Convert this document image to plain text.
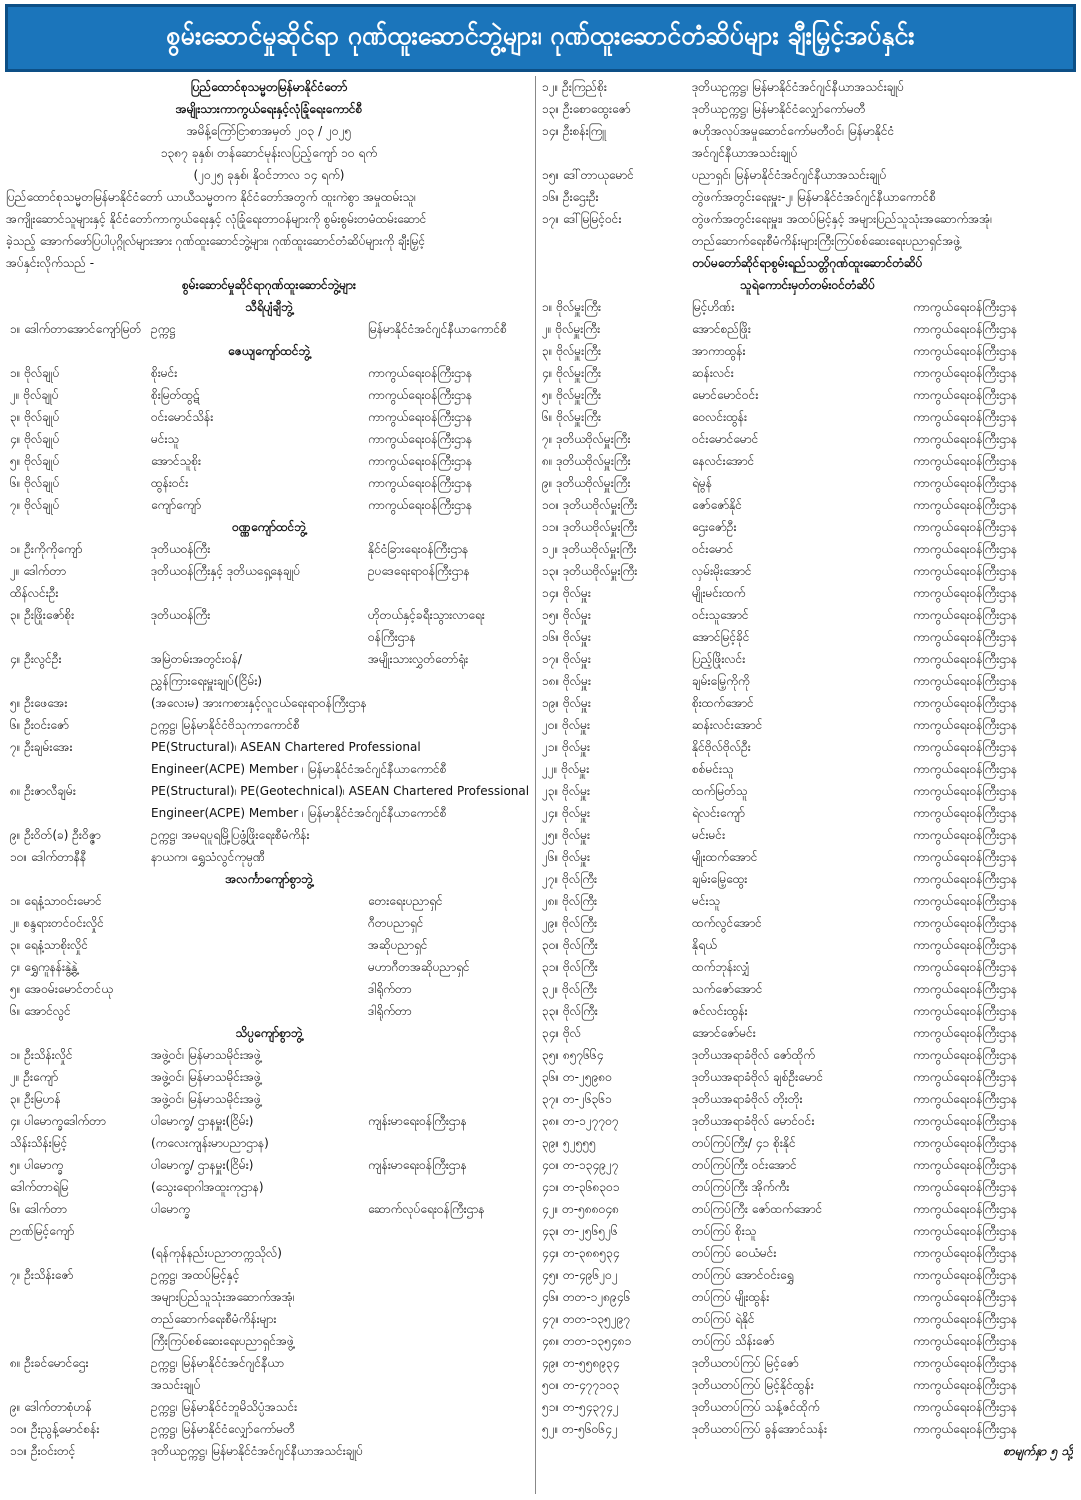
စွမ်းဆောင်မှုဆိုင်ရာ ဂုဏ်ထူးဆောင်ဘွဲ့များ၊ ဂုဏ်ထူးဆောင်တံဆိပ်များ ချီးမြှင့်အပ်နှင်း
ပြည်ထောင်စုသမ္မတမြန်မာနိုင်ငံတော်
အမျိုးသားကာကွယ်ရေးနှင့်လုံခြုံရေးကောင်စီ
အမိန့်ကြော်ငြာစာအမှတ် ၂၀၃ / ၂၀၂၅
၁၃၈၇ ခုနှစ်၊ တန်ဆောင်မုန်းလပြည့်ကျော် ၁၀ ရက်
(၂၀၂၅ ခုနှစ်၊ နိုဝင်ဘာလ ၁၄ ရက်)
ပြည်ထောင်စုသမ္မတမြန်မာနိုင်ငံတော် ယာယီသမ္မတက နိုင်ငံတော်အတွက် ထူးကဲစွာ အမှုထမ်းသူ၊
အကျိုးဆောင်သူများနှင့် နိုင်ငံတော်ကာကွယ်ရေးနှင့် လုံခြုံရေးတာဝန်များကို စွမ်းစွမ်းတမံထမ်းဆောင်
ခဲ့သည့် အောက်ဖော်ပြပါပုဂ္ဂိုလ်များအား ဂုဏ်ထူးဆောင်ဘွဲ့များ၊ ဂုဏ်ထူးဆောင်တံဆိပ်များကို ချီးမြှင့်
အပ်နှင်းလိုက်သည် -
စွမ်းဆောင်မှုဆိုင်ရာဂုဏ်ထူးဆောင်ဘွဲ့များ
သီရိပျံချီဘွဲ့
၁။ ဒေါက်တာအောင်ကျော်မြတ် ဥက္ကဋ္ဌ	မြန်မာနိုင်ငံအင်ဂျင်နီယာကောင်စီ
ဇေယျကျော်ထင်ဘွဲ့
၁။ ဗိုလ်ချုပ်	စိုးမင်း	ကာကွယ်ရေးဝန်ကြီးဌာန
၂။ ဗိုလ်ချုပ်	စိုးမြတ်ထွဋ်	ကာကွယ်ရေးဝန်ကြီးဌာန
၃။ ဗိုလ်ချုပ်	ဝင်းမောင်သိန်း	ကာကွယ်ရေးဝန်ကြီးဌာန
၄။ ဗိုလ်ချုပ်	မင်းသူ	ကာကွယ်ရေးဝန်ကြီးဌာန
၅။ ဗိုလ်ချုပ်	အောင်သူစိုး	ကာကွယ်ရေးဝန်ကြီးဌာန
၆။ ဗိုလ်ချုပ်	ထွန်းဝင်း	ကာကွယ်ရေးဝန်ကြီးဌာန
၇။ ဗိုလ်ချုပ်	ကျော်ကျော်	ကာကွယ်ရေးဝန်ကြီးဌာန
ဝဏ္ဏကျော်ထင်ဘွဲ့
၁။ ဦးကိုကိုကျော်	ဒုတိယဝန်ကြီး	နိုင်ငံခြားရေးဝန်ကြီးဌာန
၂။ ဒေါက်တာ	ဒုတိယဝန်ကြီးနှင့် ဒုတိယရှေ့နေချုပ်	ဥပဒေရေးရာဝန်ကြီးဌာန
ထိန်လင်းဦး
၃။ ဦးဖြိုးဇော်စိုး	ဒုတိယဝန်ကြီး	ဟိုတယ်နှင့်ခရီးသွားလာရေး
ဝန်ကြီးဌာန
၄။ ဦးလွင်ဦး	အမြဲတမ်းအတွင်းဝန်/	အမျိုးသားလွှတ်တော်ရုံး
ညွှန်ကြားရေးမှူးချုပ်(ငြိမ်း)
၅။ ဦးဖေအေး	(အလေးမ) အားကစားနှင့်လူငယ်ရေးရာဝန်ကြီးဌာန
၆။ ဦးဝင်းဇော်	ဥက္ကဋ္ဌ၊ မြန်မာနိုင်ငံဗိသုကာကောင်စီ
၇။ ဦးချမ်းအေး	PE(Structural)၊ ASEAN Chartered Professional
Engineer(ACPE) Member ၊ မြန်မာနိုင်ငံအင်ဂျင်နီယာကောင်စီ
၈။ ဦးဇာလီချမ်း	PE(Structural)၊ PE(Geotechnical)၊ ASEAN Chartered Professional
Engineer(ACPE) Member ၊ မြန်မာနိုင်ငံအင်ဂျင်နီယာကောင်စီ
၉။ ဦးဝိတ်(ခ) ဦးဝိဇ္ဇာ	ဥက္ကဋ္ဌ၊ အမရပူရမြို့ပြဖွံ့ဖြိုးရေးစီမံကိန်း
၁၀။ ဒေါက်တာနီနီ	နာယက၊ ရွှေသံလွင်ကုမ္ပဏီ
အလင်္ကာကျော်စွာဘွဲ့
၁။ ရေနံ့သာဝင်းမောင်	တေးရေးပညာရှင်
၂။ စန္ဒရားတင်ဝင်းလှိုင်	ဂီတပညာရှင်
၃။ ရေနံ့သာစိုးလှိုင်	အဆိုပညာရှင်
၄။ ရွှေကူနန်းနွဲ့နွဲ့	မဟာဂီတအဆိုပညာရှင်
၅။ အေဝမ်းမောင်တင်ယု	ဒါရိုက်တာ
၆။ အောင်လွင်	ဒါရိုက်တာ
သိပ္ပကျော်စွာဘွဲ့
၁။ ဦးသိန်းလှိုင်	အဖွဲ့ဝင်၊ မြန်မာသမိုင်းအဖွဲ့
၂။ ဦးကျော်	အဖွဲ့ဝင်၊ မြန်မာသမိုင်းအဖွဲ့
၃။ ဦးမြဟန်	အဖွဲ့ဝင်၊ မြန်မာသမိုင်းအဖွဲ့
၄။ ပါမောက္ခဒေါက်တာ	ပါမောက္ခ/ ဌာနမှူး(ငြိမ်း)	ကျန်းမာရေးဝန်ကြီးဌာန
သိန်းသိန်းမြင့်	(ကလေးကျန်းမာပညာဌာန)
၅။ ပါမောက္ခ	ပါမောက္ခ/ ဌာနမှူး(ငြိမ်း)	ကျန်းမာရေးဝန်ကြီးဌာန
ဒေါက်တာရဲမြ	(သွေးရောဂါအထူးကုဌာန)
၆။ ဒေါက်တာ	ပါမောက္ခ	ဆောက်လုပ်ရေးဝန်ကြီးဌာန
ဉာဏ်မြင့်ကျော်
(ရန်ကုန်နည်းပညာတက္ကသိုလ်)
၇။ ဦးသိန်းဇော်	ဥက္ကဋ္ဌ၊ အထပ်မြင့်နှင့်
အများပြည်သူသုံးအဆောက်အအုံ၊
တည်ဆောက်ရေးစီမံကိန်းများ
ကြီးကြပ်စစ်ဆေးရေးပညာရှင်အဖွဲ့
၈။ ဦးခင်မောင်ဌေး	ဥက္ကဋ္ဌ၊ မြန်မာနိုင်ငံအင်ဂျင်နီယာ
အသင်းချုပ်
၉။ ဒေါက်တာစုံဟန်	ဥက္ကဋ္ဌ၊ မြန်မာနိုင်ငံဘူမိသိပ္ပံအသင်း
၁၀။ ဦးညွန့်မောင်စန်း	ဥက္ကဋ္ဌ၊ မြန်မာနိုင်ငံလျှော်ကော်မတီ
၁၁။ ဦးဝင်းတင့်	ဒုတိယဥက္ကဋ္ဌ၊ မြန်မာနိုင်ငံအင်ဂျင်နီယာအသင်းချုပ်
၁၂။ ဦးကြည်စိုး	ဒုတိယဥက္ကဋ္ဌ၊ မြန်မာနိုင်ငံအင်ဂျင်နီယာအသင်းချုပ်
၁၃။ ဦးစောထွေးဇော်	ဒုတိယဥက္ကဋ္ဌ၊ မြန်မာနိုင်ငံလျှော်ကော်မတီ
၁၄။ ဦးစန်းကြူ	ဇဟိုအလုပ်အမှုဆောင်ကော်မတီဝင်၊ မြန်မာနိုင်ငံ
အင်ဂျင်နီယာအသင်းချုပ်
၁၅။ ဒေါ်တာယုမောင်	ပညာရှင်၊ မြန်မာနိုင်ငံအင်ဂျင်နီယာအသင်းချုပ်
၁၆။ ဦးဌေးဦး	တွဲဖက်အတွင်းရေးမှူး-၂၊ မြန်မာနိုင်ငံအင်ဂျင်နီယာကောင်စီ
၁၇။ ဒေါ်မြမြင့်ဝင်း	တွဲဖက်အတွင်းရေးမှူး၊ အထပ်မြင့်နှင့် အများပြည်သူသုံးအဆောက်အအုံ၊
တည်ဆောက်ရေးစီမံကိန်းများကြီးကြပ်စစ်ဆေးရေးပညာရှင်အဖွဲ့
တပ်မတော်ဆိုင်ရာစွမ်းရည်သတ္တိဂုဏ်ထူးဆောင်တံဆိပ်
သူရဲကောင်းမှတ်တမ်းဝင်တံဆိပ်
၁။ ဗိုလ်မှူးကြီး	မြင့်ဟိဏ်း	ကာကွယ်ရေးဝန်ကြီးဌာန
၂။ ဗိုလ်မှူးကြီး	အောင်စည်ဖြိုး	ကာကွယ်ရေးဝန်ကြီးဌာန
၃။ ဗိုလ်မှူးကြီး	အာကာထွန်း	ကာကွယ်ရေးဝန်ကြီးဌာန
၄။ ဗိုလ်မှူးကြီး	ဆန်းလင်း	ကာကွယ်ရေးဝန်ကြီးဌာန
၅။ ဗိုလ်မှူးကြီး	မောင်မောင်ဝင်း	ကာကွယ်ရေးဝန်ကြီးဌာန
၆။ ဗိုလ်မှူးကြီး	ဝေလင်းထွန်း	ကာကွယ်ရေးဝန်ကြီးဌာန
၇။ ဒုတိယဗိုလ်မှူးကြီး	ဝင်းမောင်မောင်	ကာကွယ်ရေးဝန်ကြီးဌာန
၈။ ဒုတိယဗိုလ်မှူးကြီး	နေလင်းအောင်	ကာကွယ်ရေးဝန်ကြီးဌာန
၉။ ဒုတိယဗိုလ်မှူးကြီး	ရဲမွန်	ကာကွယ်ရေးဝန်ကြီးဌာန
၁၀။ ဒုတိယဗိုလ်မှူးကြီး	ဇော်ဇော်နိုင်	ကာကွယ်ရေးဝန်ကြီးဌာန
၁၁။ ဒုတိယဗိုလ်မှူးကြီး	ဌေးဇော်ဦး	ကာကွယ်ရေးဝန်ကြီးဌာန
၁၂။ ဒုတိယဗိုလ်မှူးကြီး	ဝင်းမောင်	ကာကွယ်ရေးဝန်ကြီးဌာန
၁၃။ ဒုတိယဗိုလ်မှူးကြီး	လှမ်းမိုးအောင်	ကာကွယ်ရေးဝန်ကြီးဌာန
၁၄။ ဗိုလ်မှူး	မျိုးမင်းထက်	ကာကွယ်ရေးဝန်ကြီးဌာန
၁၅။ ဗိုလ်မှူး	ဝင်းသူအောင်	ကာကွယ်ရေးဝန်ကြီးဌာန
၁၆။ ဗိုလ်မှူး	အောင်မြင့်ခိုင်	ကာကွယ်ရေးဝန်ကြီးဌာန
၁၇။ ဗိုလ်မှူး	ပြည့်ဖြိုးလင်း	ကာကွယ်ရေးဝန်ကြီးဌာန
၁၈။ ဗိုလ်မှူး	ချမ်းမြေ့ကိုကို	ကာကွယ်ရေးဝန်ကြီးဌာန
၁၉။ ဗိုလ်မှူး	စိုးထက်အောင်	ကာကွယ်ရေးဝန်ကြီးဌာန
၂၀။ ဗိုလ်မှူး	ဆန်းလင်းအောင်	ကာကွယ်ရေးဝန်ကြီးဌာန
၂၁။ ဗိုလ်မှူး	နိုင်ဗိုလ်ဗိုလ်ဦး	ကာကွယ်ရေးဝန်ကြီးဌာန
၂၂။ ဗိုလ်မှူး	စစ်မင်းသူ	ကာကွယ်ရေးဝန်ကြီးဌာန
၂၃။ ဗိုလ်မှူး	ထက်မြတ်သူ	ကာကွယ်ရေးဝန်ကြီးဌာန
၂၄။ ဗိုလ်မှူး	ရဲလင်းကျော်	ကာကွယ်ရေးဝန်ကြီးဌာန
၂၅။ ဗိုလ်မှူး	မင်းမင်း	ကာကွယ်ရေးဝန်ကြီးဌာန
၂၆။ ဗိုလ်မှူး	မျိုးထက်အောင်	ကာကွယ်ရေးဝန်ကြီးဌာန
၂၇။ ဗိုလ်ကြီး	ချမ်းမြေ့ထွေး	ကာကွယ်ရေးဝန်ကြီးဌာန
၂၈။ ဗိုလ်ကြီး	မင်းသူ	ကာကွယ်ရေးဝန်ကြီးဌာန
၂၉။ ဗိုလ်ကြီး	ထက်လွင်အောင်	ကာကွယ်ရေးဝန်ကြီးဌာန
၃၀။ ဗိုလ်ကြီး	နိုရယ်	ကာကွယ်ရေးဝန်ကြီးဌာန
၃၁။ ဗိုလ်ကြီး	ထက်ဘုန်းလျှံ	ကာကွယ်ရေးဝန်ကြီးဌာန
၃၂။ ဗိုလ်ကြီး	သက်ဇော်အောင်	ကာကွယ်ရေးဝန်ကြီးဌာန
၃၃။ ဗိုလ်ကြီး	ဇင်လင်းထွန်း	ကာကွယ်ရေးဝန်ကြီးဌာန
၃၄။ ဗိုလ်	အောင်ဇော်မင်း	ကာကွယ်ရေးဝန်ကြီးဌာန
၃၅။ ၈၅၇၆၆၄	ဒုတိယအရာခံဗိုလ် ဇော်ထိုက်	ကာကွယ်ရေးဝန်ကြီးဌာန
၃၆။ တ-၂၅၉၈၀	ဒုတိယအရာခံဗိုလ် ချစ်ဦးမောင်	ကာကွယ်ရေးဝန်ကြီးဌာန
၃၇။ တ-၂၆၃၆၁	ဒုတိယအရာခံဗိုလ် တိုးတိုး	ကာကွယ်ရေးဝန်ကြီးဌာန
၃၈။ တ-၁၂၇၇၀၇	ဒုတိယအရာခံဗိုလ် မောင်ဝင်း	ကာကွယ်ရေးဝန်ကြီးဌာန
၃၉။ ၅၂၅၅၅	တပ်ကြပ်ကြီး/ ၄၁ စိုးနိုင်	ကာကွယ်ရေးဝန်ကြီးဌာန
၄၀။ တ-၁၃၄၉၂၇	တပ်ကြပ်ကြီး ဝင်းအောင်	ကာကွယ်ရေးဝန်ကြီးဌာန
၄၁။ တ-၃၆၈၃၀၁	တပ်ကြပ်ကြီး အိုက်ကီး	ကာကွယ်ရေးဝန်ကြီးဌာန
၄၂။ တ-၅၈၈၀၄၈	တပ်ကြပ်ကြီး ဇော်ထက်အောင်	ကာကွယ်ရေးဝန်ကြီးဌာန
၄၃။ တ-၂၅၆၅၂၆	တပ်ကြပ် စိုးသူ	ကာကွယ်ရေးဝန်ကြီးဌာန
၄၄။ တ-၃၈၈၅၃၄	တပ်ကြပ် ဝေယံမင်း	ကာကွယ်ရေးဝန်ကြီးဌာန
၄၅။ တ-၄၉၆၂၀၂	တပ်ကြပ် အောင်ဝင်းရွှေ	ကာကွယ်ရေးဝန်ကြီးဌာန
၄၆။ တတ-၁၂၈၉၄၆	တပ်ကြပ် မျိုးထွန်း	ကာကွယ်ရေးဝန်ကြီးဌာန
၄၇။ တတ-၁၃၅၂၉၇	တပ်ကြပ် ရဲနိုင်	ကာကွယ်ရေးဝန်ကြီးဌာန
၄၈။ တတ-၁၃၅၄၈၁	တပ်ကြပ် သိန်းဇော်	ကာကွယ်ရေးဝန်ကြီးဌာန
၄၉။ တ-၅၅၈၉၃၄	ဒုတိယတပ်ကြပ် မြင့်ဇော်	ကာကွယ်ရေးဝန်ကြီးဌာန
၅၀။ တ-၄၇၇၁၀၃	ဒုတိယတပ်ကြပ် မြင့်နိုင်ထွန်း	ကာကွယ်ရေးဝန်ကြီးဌာန
၅၁။ တ-၅၄၃၇၄၂	ဒုတိယတပ်ကြပ် သန့်ဇင်ထိုက်	ကာကွယ်ရေးဝန်ကြီးဌာန
၅၂။ တ-၅၆၀၆၄၂	ဒုတိယတပ်ကြပ် ခွန်အောင်သန်း	ကာကွယ်ရေးဝန်ကြီးဌာန
စာမျက်နှာ ၅ သို့
